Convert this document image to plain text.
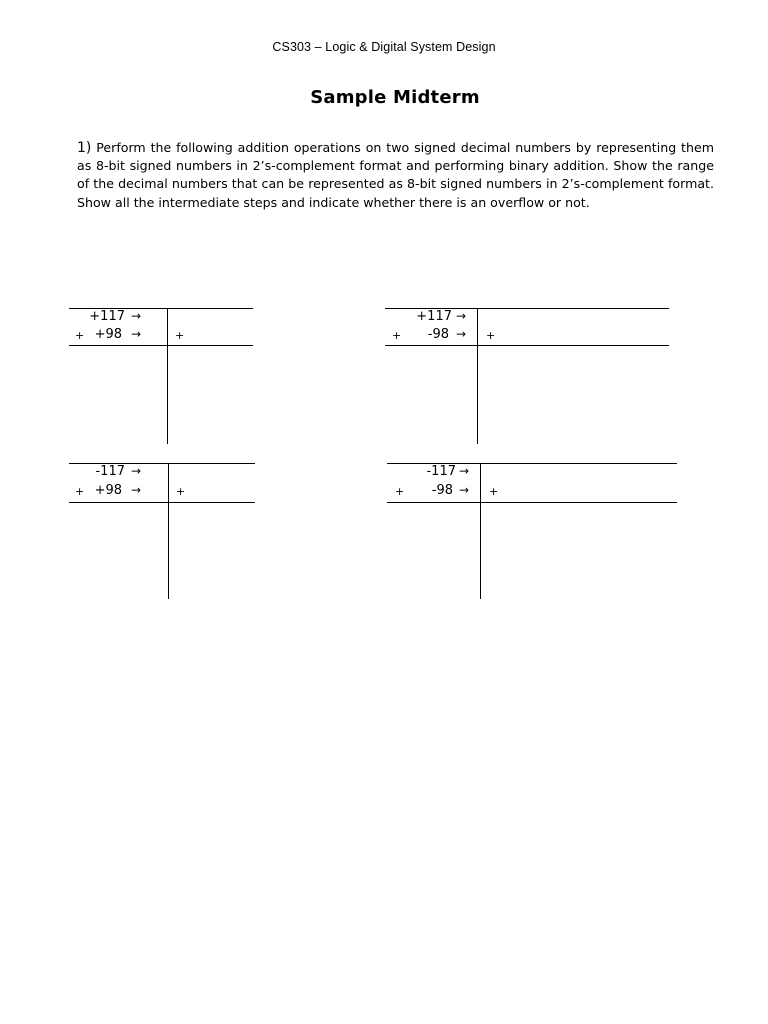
CS303 – Logic & Digital System Design
Sample Midterm
1) Perform the following addition operations on two signed decimal numbers by representing them as 8-bit signed numbers in 2’s-complement format and performing binary addition. Show the range of the decimal numbers that can be represented as 8-bit signed numbers in 2’s-complement format. Show all the intermediate steps and indicate whether there is an overflow or not.
+117 →
+ +98 →	+
+117 →
+	-98 → +
-117 →
+ +98 →	+
-117 →
+	-98 → +
